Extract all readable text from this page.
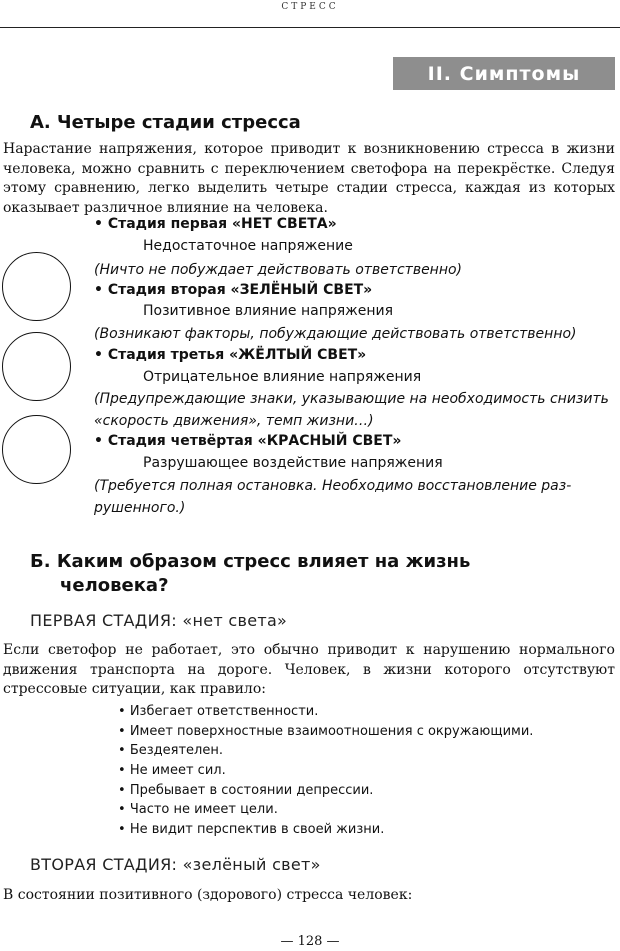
СТРЕСС
II. Симптомы
А. Четыре стадии стресса

Нарастание напряжения, которое приводит к возникновению стресса в жизни человека, можно сравнить с переключением светофора на перекрёстке. Следуя этому сравнению, легко выделить четыре стадии стресса, каждая из которых оказывает различное влияние на человека.

• Стадия первая «НЕТ СВЕТА»
Недостаточное напряжение
(Ничто не побуждает действовать ответственно)
• Стадия вторая «ЗЕЛЁНЫЙ СВЕТ»
Позитивное влияние напряжения
(Возникают факторы, побуждающие действовать ответственно)
• Стадия третья «ЖЁЛТЫЙ СВЕТ»
Отрицательное влияние напряжения
(Предупреждающие знаки, указывающие на необходимость снизить
«скорость движения», темп жизни…)
• Стадия четвёртая «КРАСНЫЙ СВЕТ»
Разрушающее воздействие напряжения
(Требуется полная остановка. Необходимо восстановление раз-
рушенного.)
Б. Каким образом стресс влияет на жизнь
человека?
ПЕРВАЯ СТАДИЯ: «нет света»

Если светофор не работает, это обычно приводит к нарушению нормального движения транспорта на дороге. Человек, в жизни которого отсутствуют стрессовые ситуации, как правило:

• Избегает ответственности.
• Имеет поверхностные взаимоотношения с окружающими.
• Бездеятелен.
• Не имеет сил.
• Пребывает в состоянии депрессии.
• Часто не имеет цели.
• Не видит перспектив в своей жизни.
ВТОРАЯ СТАДИЯ: «зелёный свет»

В состоянии позитивного (здорового) стресса человек:

— 128 —
